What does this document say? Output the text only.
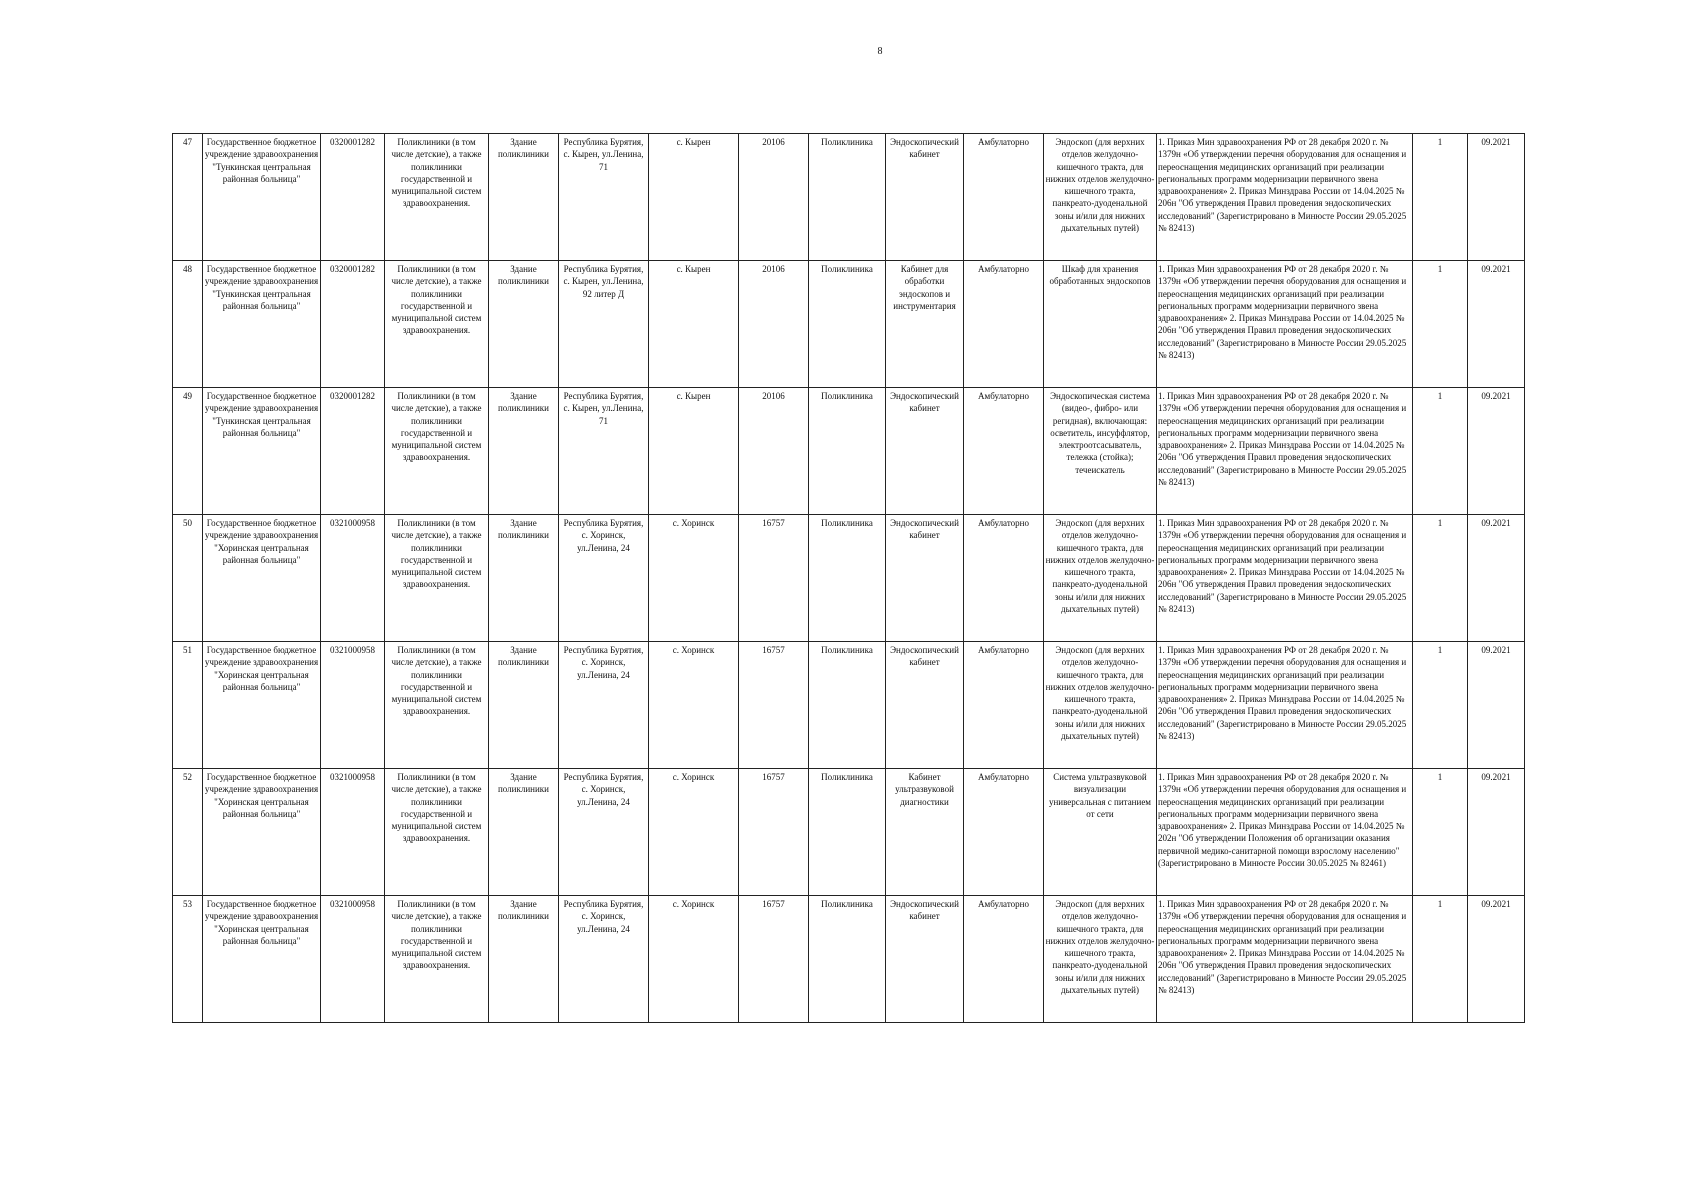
8
47	Государственное бюджетное учреждение здравоохранения "Тункинская центральная районная больница"	0320001282	Поликлиники (в том числе детские), а также поликлиники государственной и муниципальной систем здравоохранения.	Здание поликлиники	Республика Бурятия, с. Кырен, ул.Ленина, 71	с. Кырен	20106	Поликлиника	Эндоскопический кабинет	Амбулаторно	Эндоскоп (для верхних отделов желудочно-кишечного тракта, для нижних отделов желудочно-кишечного тракта, панкреато-дуоденальной зоны и/или для нижних дыхательных путей)	1. Приказ Мин здравоохранения РФ от 28 декабря 2020 г. № 1379н «Об утверждении перечня оборудования для оснащения и переоснащения медицинских организаций при реализации региональных программ модернизации первичного звена здравоохранения» 2. Приказ Минздрава России от 14.04.2025 № 206н "Об утверждения Правил проведения эндоскопических исследований" (Зарегистрировано в Минюсте России 29.05.2025 № 82413)	1	09.2021
48	Государственное бюджетное учреждение здравоохранения "Тункинская центральная районная больница"	0320001282	Поликлиники (в том числе детские), а также поликлиники государственной и муниципальной систем здравоохранения.	Здание поликлиники	Республика Бурятия, с. Кырен, ул.Ленина, 92 литер Д	с. Кырен	20106	Поликлиника	Кабинет для обработки эндоскопов и инструментария	Амбулаторно	Шкаф для хранения обработанных эндоскопов	1. Приказ Мин здравоохранения РФ от 28 декабря 2020 г. № 1379н «Об утверждении перечня оборудования для оснащения и переоснащения медицинских организаций при реализации региональных программ модернизации первичного звена здравоохранения» 2. Приказ Минздрава России от 14.04.2025 № 206н "Об утверждения Правил проведения эндоскопических исследований" (Зарегистрировано в Минюсте России 29.05.2025 № 82413)	1	09.2021
49	Государственное бюджетное учреждение здравоохранения "Тункинская центральная районная больница"	0320001282	Поликлиники (в том числе детские), а также поликлиники государственной и муниципальной систем здравоохранения.	Здание поликлиники	Республика Бурятия, с. Кырен, ул.Ленина, 71	с. Кырен	20106	Поликлиника	Эндоскопический кабинет	Амбулаторно	Эндоскопическая система (видео-, фибро- или регидная), включающая: осветитель, инсуффлятор, электроотсасыватель, тележка (стойка); течеискатель	1. Приказ Мин здравоохранения РФ от 28 декабря 2020 г. № 1379н «Об утверждении перечня оборудования для оснащения и переоснащения медицинских организаций при реализации региональных программ модернизации первичного звена здравоохранения» 2. Приказ Минздрава России от 14.04.2025 № 206н "Об утверждения Правил проведения эндоскопических исследований" (Зарегистрировано в Минюсте России 29.05.2025 № 82413)	1	09.2021
50	Государственное бюджетное учреждение здравоохранения "Хоринская центральная районная больница"	0321000958	Поликлиники (в том числе детские), а также поликлиники государственной и муниципальной систем здравоохранения.	Здание поликлиники	Республика Бурятия, с. Хоринск, ул.Ленина, 24	с. Хоринск	16757	Поликлиника	Эндоскопический кабинет	Амбулаторно	Эндоскоп (для верхних отделов желудочно-кишечного тракта, для нижних отделов желудочно-кишечного тракта, панкреато-дуоденальной зоны и/или для нижних дыхательных путей)	1. Приказ Мин здравоохранения РФ от 28 декабря 2020 г. № 1379н «Об утверждении перечня оборудования для оснащения и переоснащения медицинских организаций при реализации региональных программ модернизации первичного звена здравоохранения» 2. Приказ Минздрава России от 14.04.2025 № 206н "Об утверждения Правил проведения эндоскопических исследований" (Зарегистрировано в Минюсте России 29.05.2025 № 82413)	1	09.2021
51	Государственное бюджетное учреждение здравоохранения "Хоринская центральная районная больница"	0321000958	Поликлиники (в том числе детские), а также поликлиники государственной и муниципальной систем здравоохранения.	Здание поликлиники	Республика Бурятия, с. Хоринск, ул.Ленина, 24	с. Хоринск	16757	Поликлиника	Эндоскопический кабинет	Амбулаторно	Эндоскоп (для верхних отделов желудочно-кишечного тракта, для нижних отделов желудочно-кишечного тракта, панкреато-дуоденальной зоны и/или для нижних дыхательных путей)	1. Приказ Мин здравоохранения РФ от 28 декабря 2020 г. № 1379н «Об утверждении перечня оборудования для оснащения и переоснащения медицинских организаций при реализации региональных программ модернизации первичного звена здравоохранения» 2. Приказ Минздрава России от 14.04.2025 № 206н "Об утверждения Правил проведения эндоскопических исследований" (Зарегистрировано в Минюсте России 29.05.2025 № 82413)	1	09.2021
52	Государственное бюджетное учреждение здравоохранения "Хоринская центральная районная больница"	0321000958	Поликлиники (в том числе детские), а также поликлиники государственной и муниципальной систем здравоохранения.	Здание поликлиники	Республика Бурятия, с. Хоринск, ул.Ленина, 24	с. Хоринск	16757	Поликлиника	Кабинет ультразвуковой диагностики	Амбулаторно	Система ультразвуковой визуализации универсальная с питанием от сети	1. Приказ Мин здравоохранения РФ от 28 декабря 2020 г. № 1379н «Об утверждении перечня оборудования для оснащения и переоснащения медицинских организаций при реализации региональных программ модернизации первичного звена здравоохранения» 2. Приказ Минздрава России от 14.04.2025 № 202н "Об утверждении Положения об организации оказания первичной медико-санитарной помощи взрослому населению" (Зарегистрировано в Минюсте России 30.05.2025 № 82461)	1	09.2021
53	Государственное бюджетное учреждение здравоохранения "Хоринская центральная районная больница"	0321000958	Поликлиники (в том числе детские), а также поликлиники государственной и муниципальной систем здравоохранения.	Здание поликлиники	Республика Бурятия, с. Хоринск, ул.Ленина, 24	с. Хоринск	16757	Поликлиника	Эндоскопический кабинет	Амбулаторно	Эндоскоп (для верхних отделов желудочно-кишечного тракта, для нижних отделов желудочно-кишечного тракта, панкреато-дуоденальной зоны и/или для нижних дыхательных путей)	1. Приказ Мин здравоохранения РФ от 28 декабря 2020 г. № 1379н «Об утверждении перечня оборудования для оснащения и переоснащения медицинских организаций при реализации региональных программ модернизации первичного звена здравоохранения» 2. Приказ Минздрава России от 14.04.2025 № 206н "Об утверждения Правил проведения эндоскопических исследований" (Зарегистрировано в Минюсте России 29.05.2025 № 82413)	1	09.2021
